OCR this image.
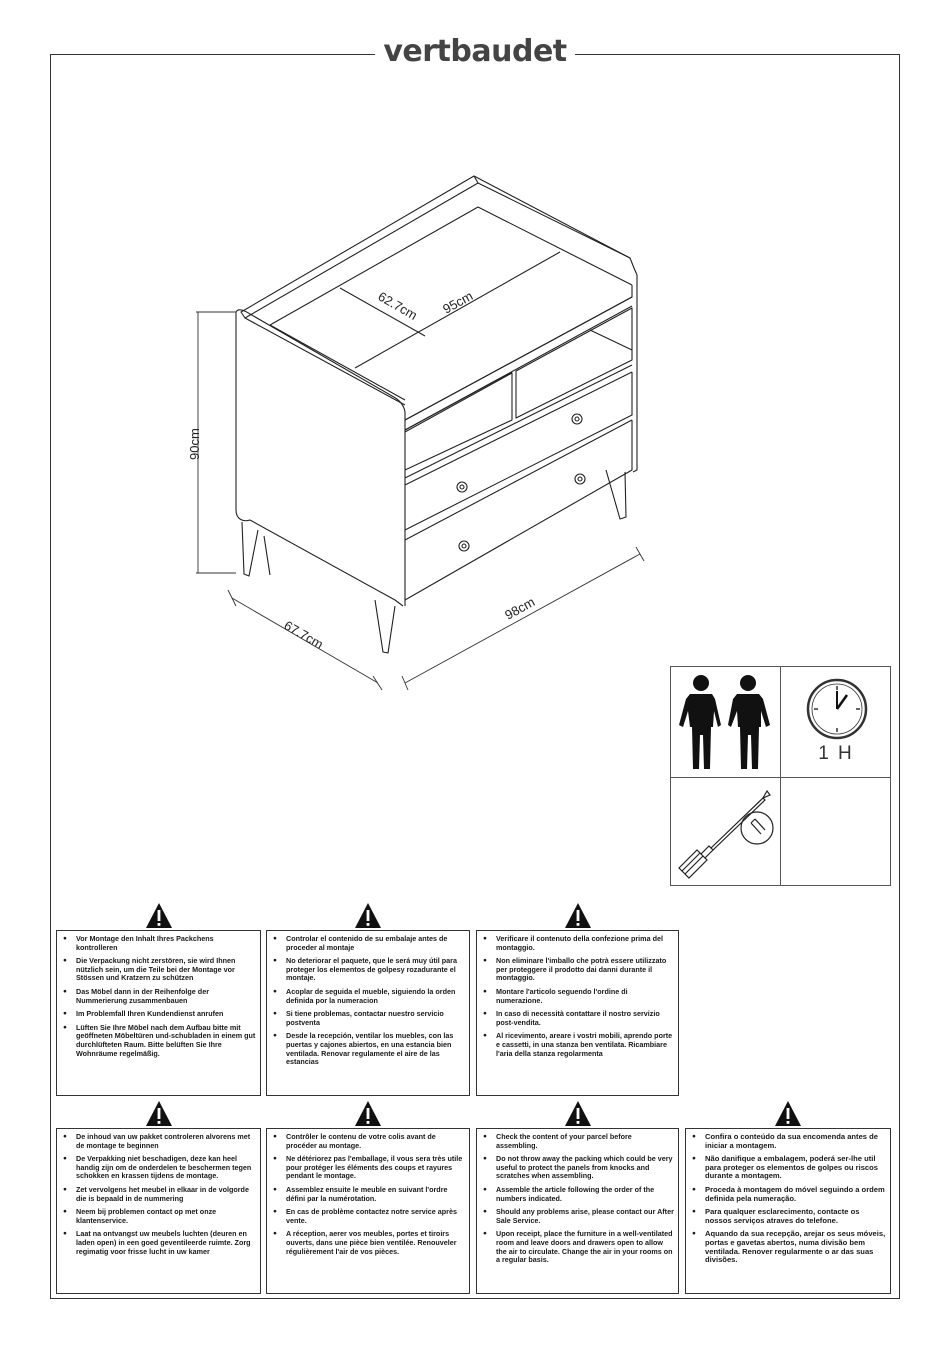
vertbaudet
90cm
67.7cm
98cm
62.7cm 95cm
1 H
● Vor Montage den Inhalt Ihres Packchens kontrolleren
● Die Verpackung nicht zerstören, sie wird Ihnen nützlich sein, um die Teile bei der Montage vor Stössen und Kratzern zu schützen
● Das Möbel dann in der Reihenfolge der Nummerierung zusammenbauen
● Im Problemfall Ihren Kundendienst anrufen
● Lüften Sie Ihre Möbel nach dem Aufbau bitte mit geöffneten Möbeltüren und-schubladen in einem gut durchlüfteten Raum. Bitte belüften Sie Ihre Wohnräume regelmäßig.
● Controlar el contenido de su embalaje antes de proceder al montaje
● No deteriorar el paquete, que le será muy útil para proteger los elementos de golpesy rozadurante el montaje.
● Acoplar de seguida el mueble, siguiendo la orden definida por la numeracion
● Si tiene problemas, contactar nuestro servicio postventa
● Desde la recepción, ventilar los muebles, con las puertas y cajones abiertos, en una estancia bien ventilada. Renovar regulamente el aire de las estancias
● Verificare il contenuto della confezione prima del montaggio.
● Non eliminare l'imballo che potrà essere utilizzato per proteggere il prodotto dai danni durante il montaggio.
● Montare l'articolo seguendo l'ordine di numerazione.
● In caso di necessità contattare il nostro servizio post-vendita.
● Al ricevimento, areare i vostri mobili, aprendo porte e cassetti, in una stanza ben ventilata. Ricambiare l'aria della stanza regolarmenta
● De inhoud van uw pakket controleren alvorens met de montage te beginnen
● De Verpakking niet beschadigen, deze kan heel handig zijn om de onderdelen te beschermen tegen schokken en krassen tijdens de montage.
● Zet vervolgens het meubel in elkaar in de volgorde die is bepaald in de nummering
● Neem bij problemen contact op met onze klantenservice.
● Laat na ontvangst uw meubels luchten (deuren en laden open) in een goed geventileerde ruimte. Zorg regimatig voor frisse lucht in uw kamer
● Contrôler le contenu de votre colis avant de procéder au montage.
● Ne détériorez pas l'emballage, il vous sera très utile pour protéger les éléments des coups et rayures pendant le montage.
● Assemblez ensuite le meuble en suivant l'ordre défini par la numérotation.
● En cas de problème contactez notre service après vente.
● A réception, aerer vos meubles, portes et tiroirs ouverts, dans une pièce bien ventilée. Renouveler régulièrement l'air de vos pièces.
● Check the content of your parcel before assembling.
● Do not throw away the packing which could be very useful to protect the panels from knocks and scratches when assembling.
● Assemble the article following the order of the numbers indicated.
● Should any problems arise, please contact our After Sale Service.
● Upon receipt, place the furniture in a well-ventilated room and leave doors and drawers open to allow the air to circulate. Change the air in your rooms on a regular basis.
● Confira o conteúdo da sua encomenda antes de iniciar a montagem.
● Não danifique a embalagem, poderá ser-lhe util para proteger os elementos de golpes ou riscos durante a montagem.
● Proceda à montagem do móvel seguindo a ordem definida pela numeração.
● Para qualquer esclarecimento, contacte os nossos serviços atraves do telefone.
● Aquando da sua recepção, arejar os seus móveis, portas e gavetas abertos, numa divisão bem ventilada. Renover regularmente o ar das suas divisões.
